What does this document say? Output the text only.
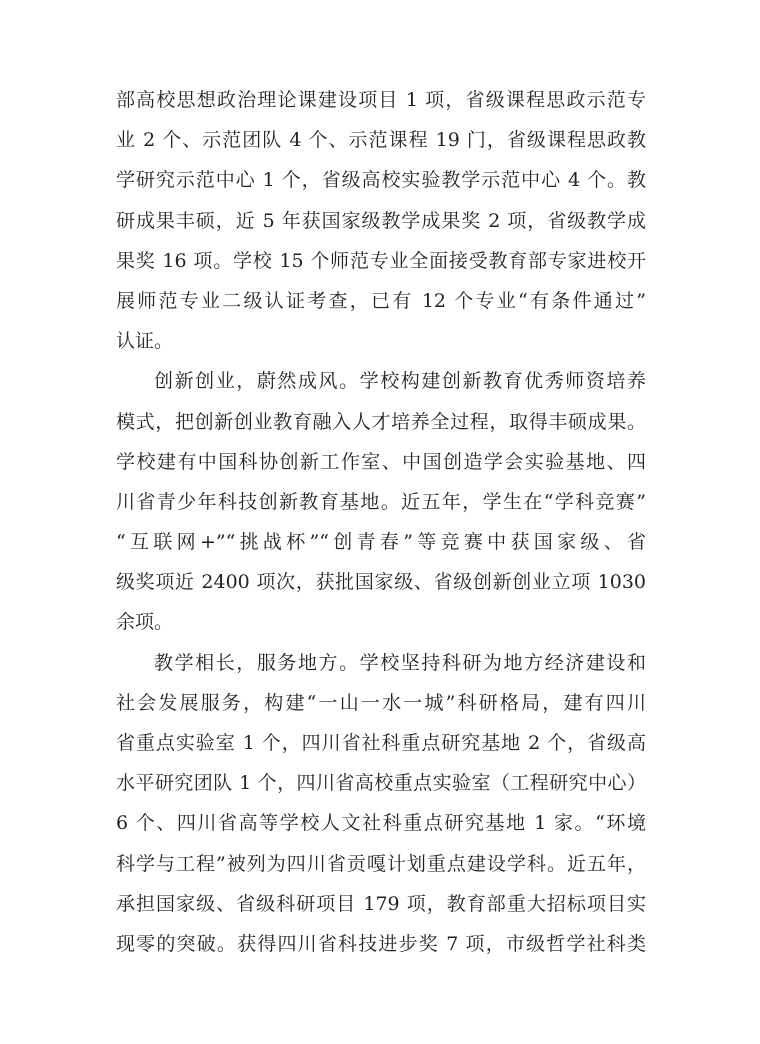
部高校思想政治理论课建设项目 1 项，省级课程思政示范专
业 2 个、示范团队 4 个、示范课程 19 门，省级课程思政教
学研究示范中心 1 个，省级高校实验教学示范中心 4 个。教
研成果丰硕，近 5 年获国家级教学成果奖 2 项，省级教学成
果奖 16 项。学校 15 个师范专业全面接受教育部专家进校开
展师范专业二级认证考查，已有 12 个专业“有条件通过”
认证。
创新创业，蔚然成风。学校构建创新教育优秀师资培养
模式，把创新创业教育融入人才培养全过程，取得丰硕成果。
学校建有中国科协创新工作室、中国创造学会实验基地、四
川省青少年科技创新教育基地。近五年，学生在“学科竞赛”
“互联网+”“挑战杯”“创青春”等竞赛中获国家级、省
级奖项近 2400 项次，获批国家级、省级创新创业立项 1030
余项。
教学相长，服务地方。学校坚持科研为地方经济建设和
社会发展服务，构建“一山一水一城”科研格局，建有四川
省重点实验室 1 个，四川省社科重点研究基地 2 个，省级高
水平研究团队 1 个，四川省高校重点实验室（工程研究中心）
6 个、四川省高等学校人文社科重点研究基地 1 家。“环境
科学与工程”被列为四川省贡嘎计划重点建设学科。近五年，
承担国家级、省级科研项目 179 项，教育部重大招标项目实
现零的突破。获得四川省科技进步奖 7 项，市级哲学社科类
